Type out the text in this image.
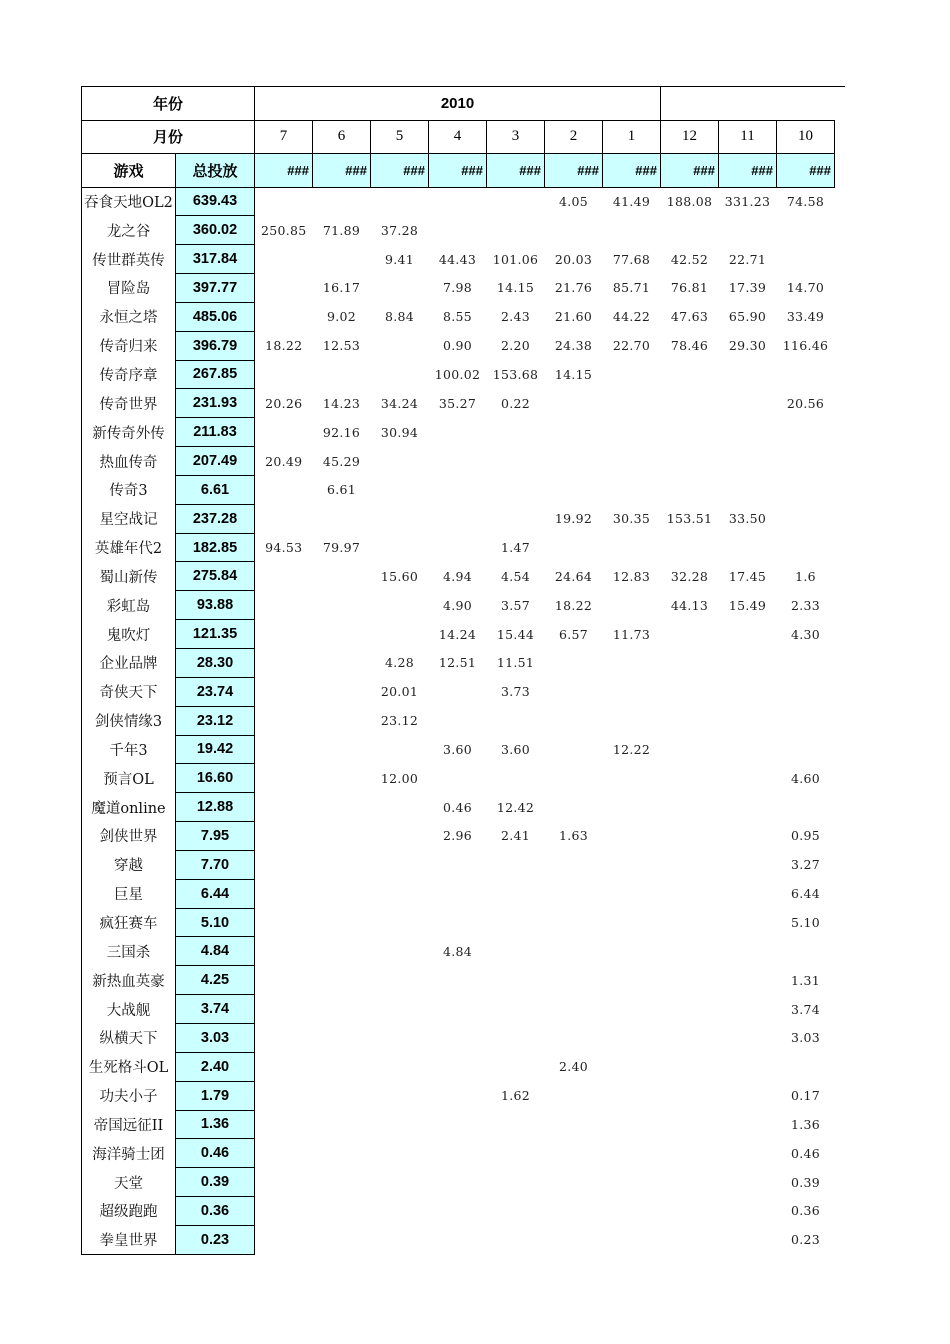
年份		2010									
月份		7	6	5	4	3	2	1	12	11	10
游戏	总投放	###	###	###	###	###	###	###	###	###	###
吞食天地OL2	639.43						4.05	41.49	188.08	331.23	74.58
龙之谷	360.02	250.85	71.89	37.28							
传世群英传	317.84			9.41	44.43	101.06	20.03	77.68	42.52	22.71	
冒险岛	397.77		16.17		7.98	14.15	21.76	85.71	76.81	17.39	14.70
永恒之塔	485.06		9.02	8.84	8.55	2.43	21.60	44.22	47.63	65.90	33.49
传奇归来	396.79	18.22	12.53		0.90	2.20	24.38	22.70	78.46	29.30	116.46
传奇序章	267.85				100.02	153.68	14.15				
传奇世界	231.93	20.26	14.23	34.24	35.27	0.22					20.56
新传奇外传	211.83		92.16	30.94							
热血传奇	207.49	20.49	45.29								
传奇3	6.61		6.61								
星空战记	237.28						19.92	30.35	153.51	33.50	
英雄年代2	182.85	94.53	79.97			1.47					
蜀山新传	275.84			15.60	4.94	4.54	24.64	12.83	32.28	17.45	1.6
彩虹岛	93.88				4.90	3.57	18.22		44.13	15.49	2.33
鬼吹灯	121.35				14.24	15.44	6.57	11.73			4.30
企业品牌	28.30			4.28	12.51	11.51					
奇侠天下	23.74			20.01		3.73					
剑侠情缘3	23.12			23.12							
千年3	19.42				3.60	3.60		12.22			
预言OL	16.60			12.00							4.60
魔道online	12.88				0.46	12.42					
剑侠世界	7.95				2.96	2.41	1.63				0.95
穿越	7.70										3.27
巨星	6.44										6.44
疯狂赛车	5.10										5.10
三国杀	4.84				4.84						
新热血英豪	4.25										1.31
大战舰	3.74										3.74
纵横天下	3.03										3.03
生死格斗OL	2.40						2.40				
功夫小子	1.79					1.62					0.17
帝国远征II	1.36										1.36
海洋骑士团	0.46										0.46
天堂	0.39										0.39
超级跑跑	0.36										0.36
拳皇世界	0.23										0.23
